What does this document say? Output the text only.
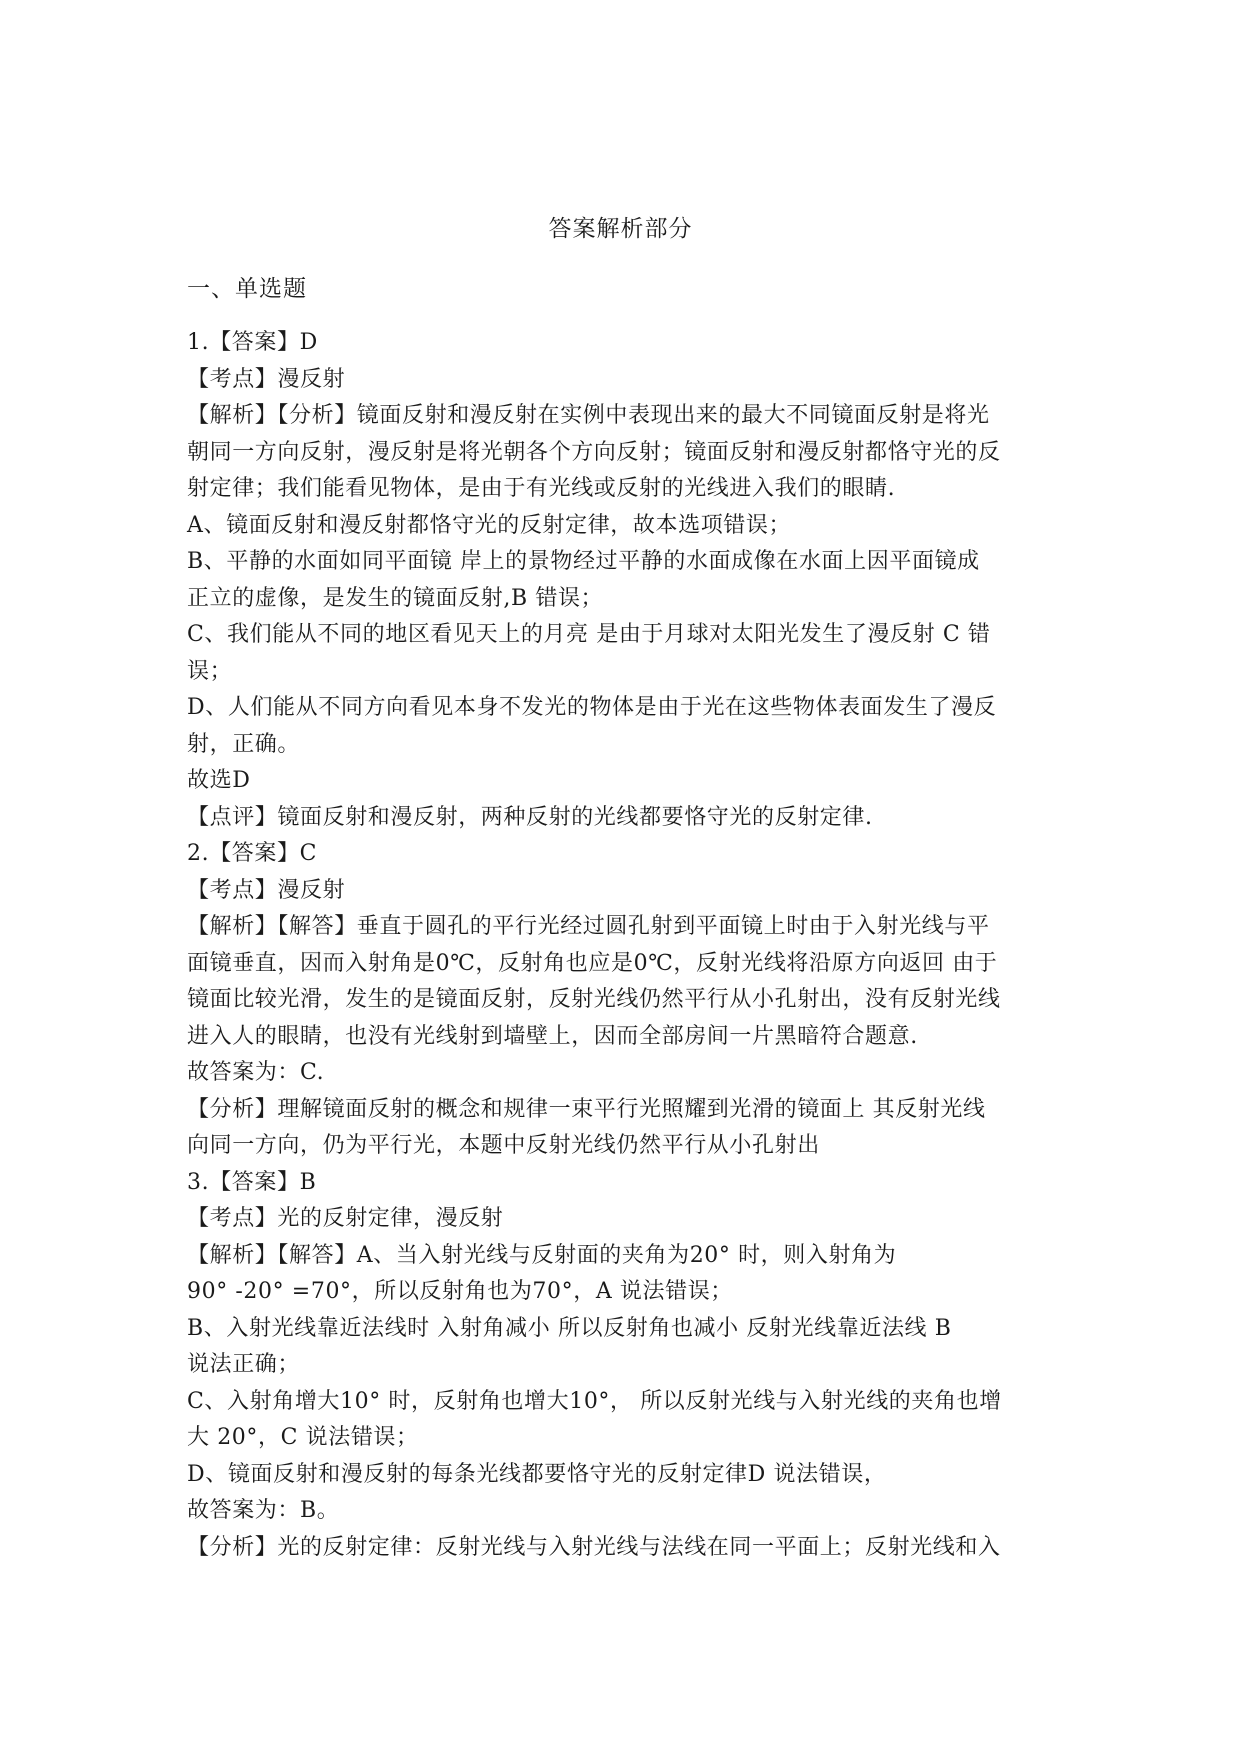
答案解析部分
一、单选题
1.【答案】D
【考点】漫反射
【解析】【分析】镜面反射和漫反射在实例中表现出来的最大不同镜面反射是将光
朝同一方向反射，漫反射是将光朝各个方向反射；镜面反射和漫反射都恪守光的反
射定律；我们能看见物体，是由于有光线或反射的光线进入我们的眼睛.
A、镜面反射和漫反射都恪守光的反射定律，故本选项错误；
B、平静的水面如同平面镜 岸上的景物经过平静的水面成像在水面上因平面镜成
正立的虚像，是发生的镜面反射,B 错误；
C、我们能从不同的地区看见天上的月亮 是由于月球对太阳光发生了漫反射 C 错
误；
D、人们能从不同方向看见本身不发光的物体是由于光在这些物体表面发生了漫反
射，正确。
故选D
【点评】镜面反射和漫反射，两种反射的光线都要恪守光的反射定律.
2.【答案】C
【考点】漫反射
【解析】【解答】垂直于圆孔的平行光经过圆孔射到平面镜上时由于入射光线与平
面镜垂直，因而入射角是0℃，反射角也应是0℃，反射光线将沿原方向返回 由于
镜面比较光滑，发生的是镜面反射，反射光线仍然平行从小孔射出，没有反射光线
进入人的眼睛，也没有光线射到墙壁上，因而全部房间一片黑暗符合题意.
故答案为：C.
【分析】理解镜面反射的概念和规律一束平行光照耀到光滑的镜面上 其反射光线
向同一方向，仍为平行光，本题中反射光线仍然平行从小孔射出
3.【答案】B
【考点】光的反射定律，漫反射
【解析】【解答】A、当入射光线与反射面的夹角为20° 时，则入射角为
90° -20° =70°，所以反射角也为70°，A 说法错误；
B、入射光线靠近法线时 入射角减小 所以反射角也减小 反射光线靠近法线 B
说法正确；
C、入射角增大10° 时，反射角也增大10°， 所以反射光线与入射光线的夹角也增
大 20°，C 说法错误；
D、镜面反射和漫反射的每条光线都要恪守光的反射定律D 说法错误，
故答案为：B。
【分析】光的反射定律：反射光线与入射光线与法线在同一平面上；反射光线和入
